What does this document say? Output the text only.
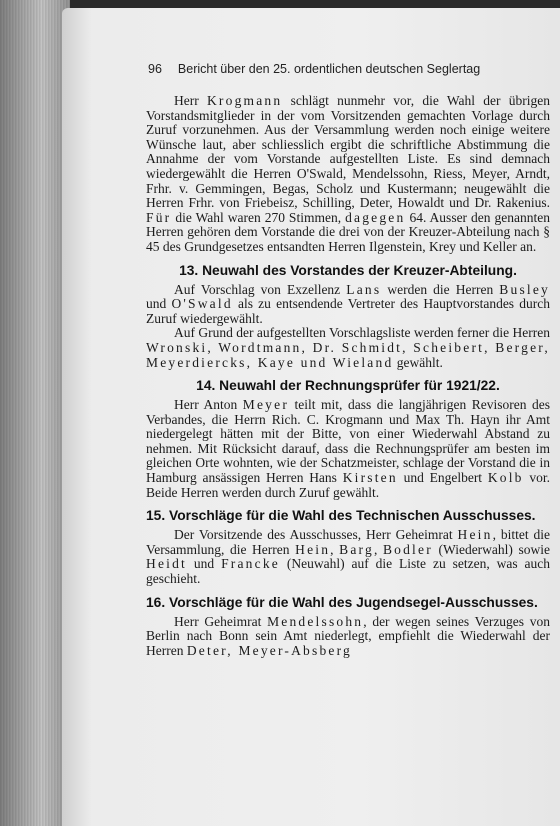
96 Bericht über den 25. ordentlichen deutschen Seglertag

Herr Krogmann schlägt nunmehr vor, die Wahl der übrigen Vorstandsmitglieder in der vom Vorsitzenden gemachten Vorlage durch Zuruf vorzunehmen. Aus der Versammlung werden noch einige weitere Wünsche laut, aber schliesslich ergibt die schriftliche Abstimmung die Annahme der vom Vorstande aufgestellten Liste. Es sind demnach wiedergewählt die Herren O'Swald, Mendelssohn, Riess, Meyer, Arndt, Frhr. v. Gemmingen, Begas, Scholz und Kustermann; neugewählt die Herren Frhr. von Friebeisz, Schilling, Deter, Howaldt und Dr. Rakenius. Für die Wahl waren 270 Stimmen, dagegen 64. Ausser den genannten Herren gehören dem Vorstande die drei von der Kreuzer-Abteilung nach § 45 des Grundgesetzes entsandten Herren Ilgenstein, Krey und Keller an.

13. Neuwahl des Vorstandes der Kreuzer-Abteilung.

Auf Vorschlag von Exzellenz Lans werden die Herren Busley und O'Swald als zu entsendende Vertreter des Hauptvorstandes durch Zuruf wiedergewählt.

Auf Grund der aufgestellten Vorschlagsliste werden ferner die Herren Wronski, Wordtmann, Dr. Schmidt, Scheibert, Berger, Meyerdiercks, Kaye und Wieland gewählt.

14. Neuwahl der Rechnungsprüfer für 1921/22.

Herr Anton Meyer teilt mit, dass die langjährigen Revisoren des Verbandes, die Herrn Rich. C. Krogmann und Max Th. Hayn ihr Amt niedergelegt hätten mit der Bitte, von einer Wiederwahl Abstand zu nehmen. Mit Rücksicht darauf, dass die Rechnungsprüfer am besten im gleichen Orte wohnten, wie der Schatzmeister, schlage der Vorstand die in Hamburg ansässigen Herren Hans Kirsten und Engelbert Kolb vor. Beide Herren werden durch Zuruf gewählt.

15. Vorschläge für die Wahl des Technischen Ausschusses.

Der Vorsitzende des Ausschusses, Herr Geheimrat Hein, bittet die Versammlung, die Herren Hein, Barg, Bodler (Wiederwahl) sowie Heidt und Francke (Neuwahl) auf die Liste zu setzen, was auch geschieht.

16. Vorschläge für die Wahl des Jugendsegel-Ausschusses.

Herr Geheimrat Mendelssohn, der wegen seines Verzuges von Berlin nach Bonn sein Amt niederlegt, empfiehlt die Wiederwahl der Herren Deter, Meyer-Absberg
